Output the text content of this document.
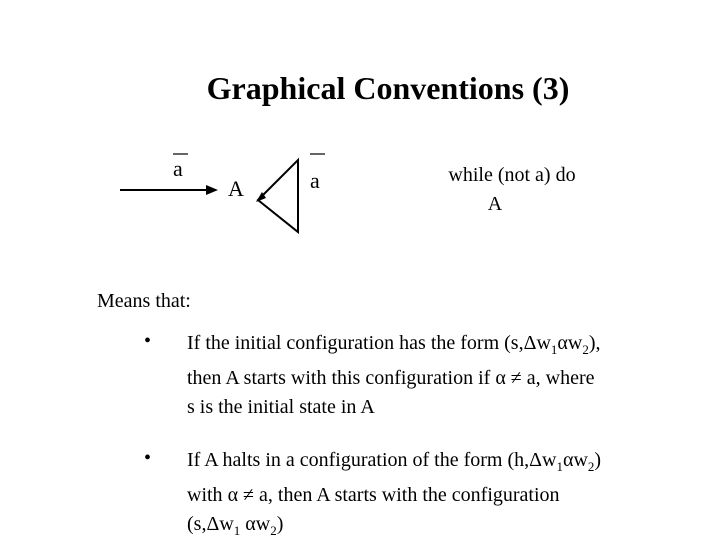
Graphical Conventions (3)
a
A	a	while (not a) do
A
Means that:
• If the initial configuration has the form $(s,\Delta w_1\alpha w_2)$,
then A starts with this configuration if α ≠ a, where
s is the initial state in A
• If A halts in a configuration of the form $(h,\Delta w_1\alpha w_2)$
with α ≠ a, then A starts with the configuration
($s,\Delta w_1$ $\alpha w_2$)
